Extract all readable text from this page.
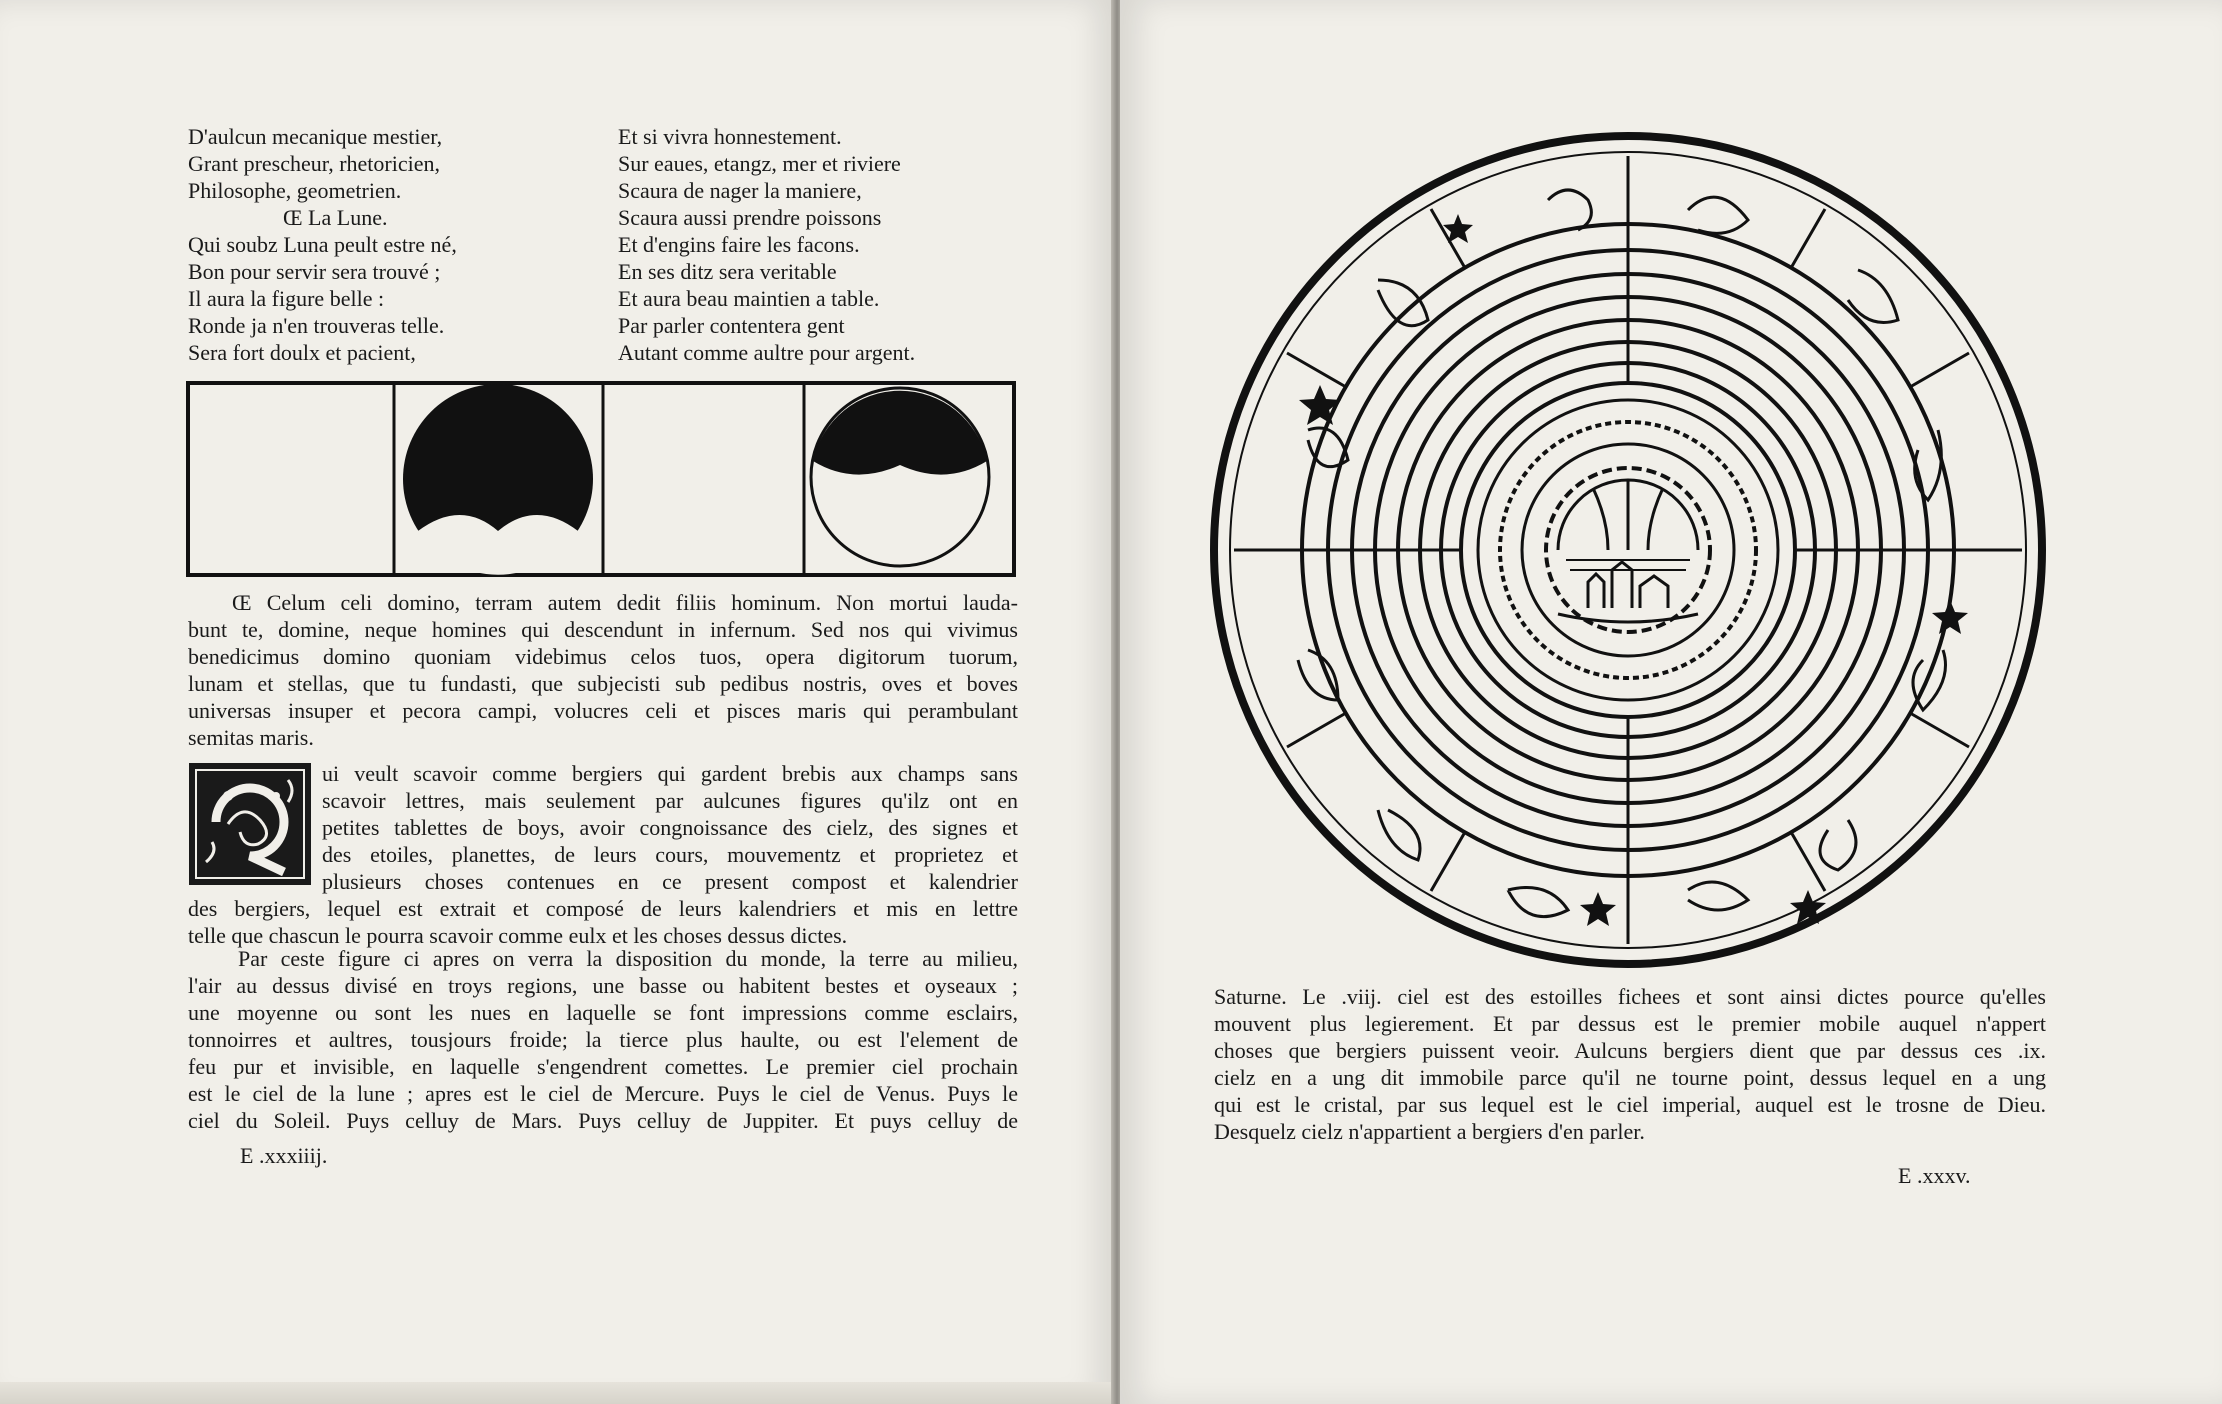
D'aulcun mecanique mestier,
Grant prescheur, rhetoricien,
Philosophe, geometrien.
Œ La Lune.
Qui soubz Luna peult estre né,
Bon pour servir sera trouvé ;
Il aura la figure belle :
Ronde ja n'en trouveras telle.
Sera fort doulx et pacient,
Et si vivra honnestement.
Sur eaues, etangz, mer et riviere
Scaura de nager la maniere,
Scaura aussi prendre poissons
Et d'engins faire les facons.
En ses ditz sera veritable
Et aura beau maintien a table.
Par parler contentera gent
Autant comme aultre pour argent.
Œ Celum celi domino, terram autem dedit filiis hominum. Non mortui lauda-
bunt te, domine, neque homines qui descendunt in infernum. Sed nos qui vivimus
benedicimus domino quoniam videbimus celos tuos, opera digitorum tuorum,
lunam et stellas, que tu fundasti, que subjecisti sub pedibus nostris, oves et boves
universas insuper et pecora campi, volucres celi et pisces maris qui perambulant
semitas maris.
ui veult scavoir comme bergiers qui gardent brebis aux champs sans
scavoir lettres, mais seulement par aulcunes figures qu'ilz ont en
petites tablettes de boys, avoir congnoissance des cielz, des signes et
des etoiles, planettes, de leurs cours, mouvementz et proprietez et
plusieurs choses contenues en ce present compost et kalendrier
des bergiers, lequel est extrait et composé de leurs kalendriers et mis en lettre
telle que chascun le pourra scavoir comme eulx et les choses dessus dictes.
Par ceste figure ci apres on verra la disposition du monde, la terre au milieu,
l'air au dessus divisé en troys regions, une basse ou habitent bestes et oyseaux ;
une moyenne ou sont les nues en laquelle se font impressions comme esclairs,
tonnoirres et aultres, tousjours froide; la tierce plus haulte, ou est l'element de
feu pur et invisible, en laquelle s'engendrent comettes. Le premier ciel prochain
est le ciel de la lune ; apres est le ciel de Mercure. Puys le ciel de Venus. Puys le
ciel du Soleil. Puys celluy de Mars. Puys celluy de Juppiter. Et puys celluy de
E .xxxiiij.
Saturne. Le .viij. ciel est des estoilles fichees et sont ainsi dictes pource qu'elles
mouvent plus legierement. Et par dessus est le premier mobile auquel n'appert
choses que bergiers puissent veoir. Aulcuns bergiers dient que par dessus ces .ix.
cielz en a ung dit immobile parce qu'il ne tourne point, dessus lequel en a ung
qui est le cristal, par sus lequel est le ciel imperial, auquel est le trosne de Dieu.
Desquelz cielz n'appartient a bergiers d'en parler.
E .xxxv.
